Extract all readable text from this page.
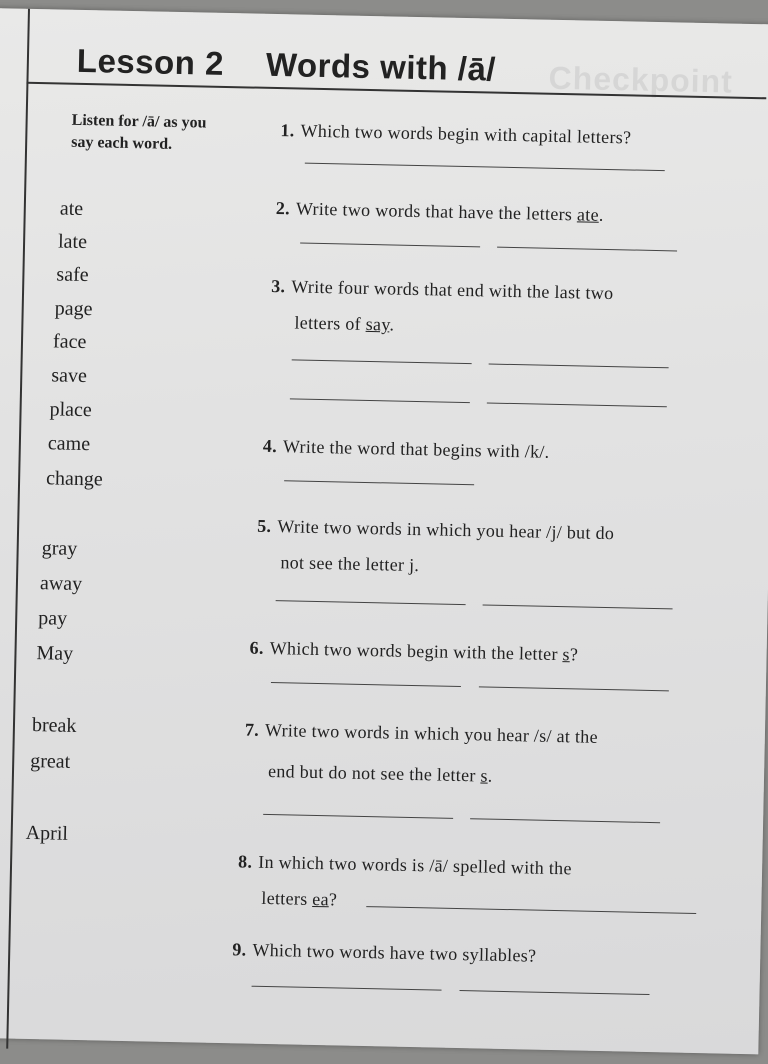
Checkpoint
Lesson 2 Words with /ā/
Listen for /ā/ as you say each word.
ate
late
safe
page
face
save
place
came
change
gray
away
pay
May
break
great
April
1. Which two words begin with capital letters?
2. Write two words that have the letters ate.
3. Write four words that end with the last two
letters of say.
4. Write the word that begins with /k/.
5. Write two words in which you hear /j/ but do
not see the letter j.
6. Which two words begin with the letter s?
7. Write two words in which you hear /s/ at the
end but do not see the letter s.
8. In which two words is /ā/ spelled with the
letters ea?
9. Which two words have two syllables?
